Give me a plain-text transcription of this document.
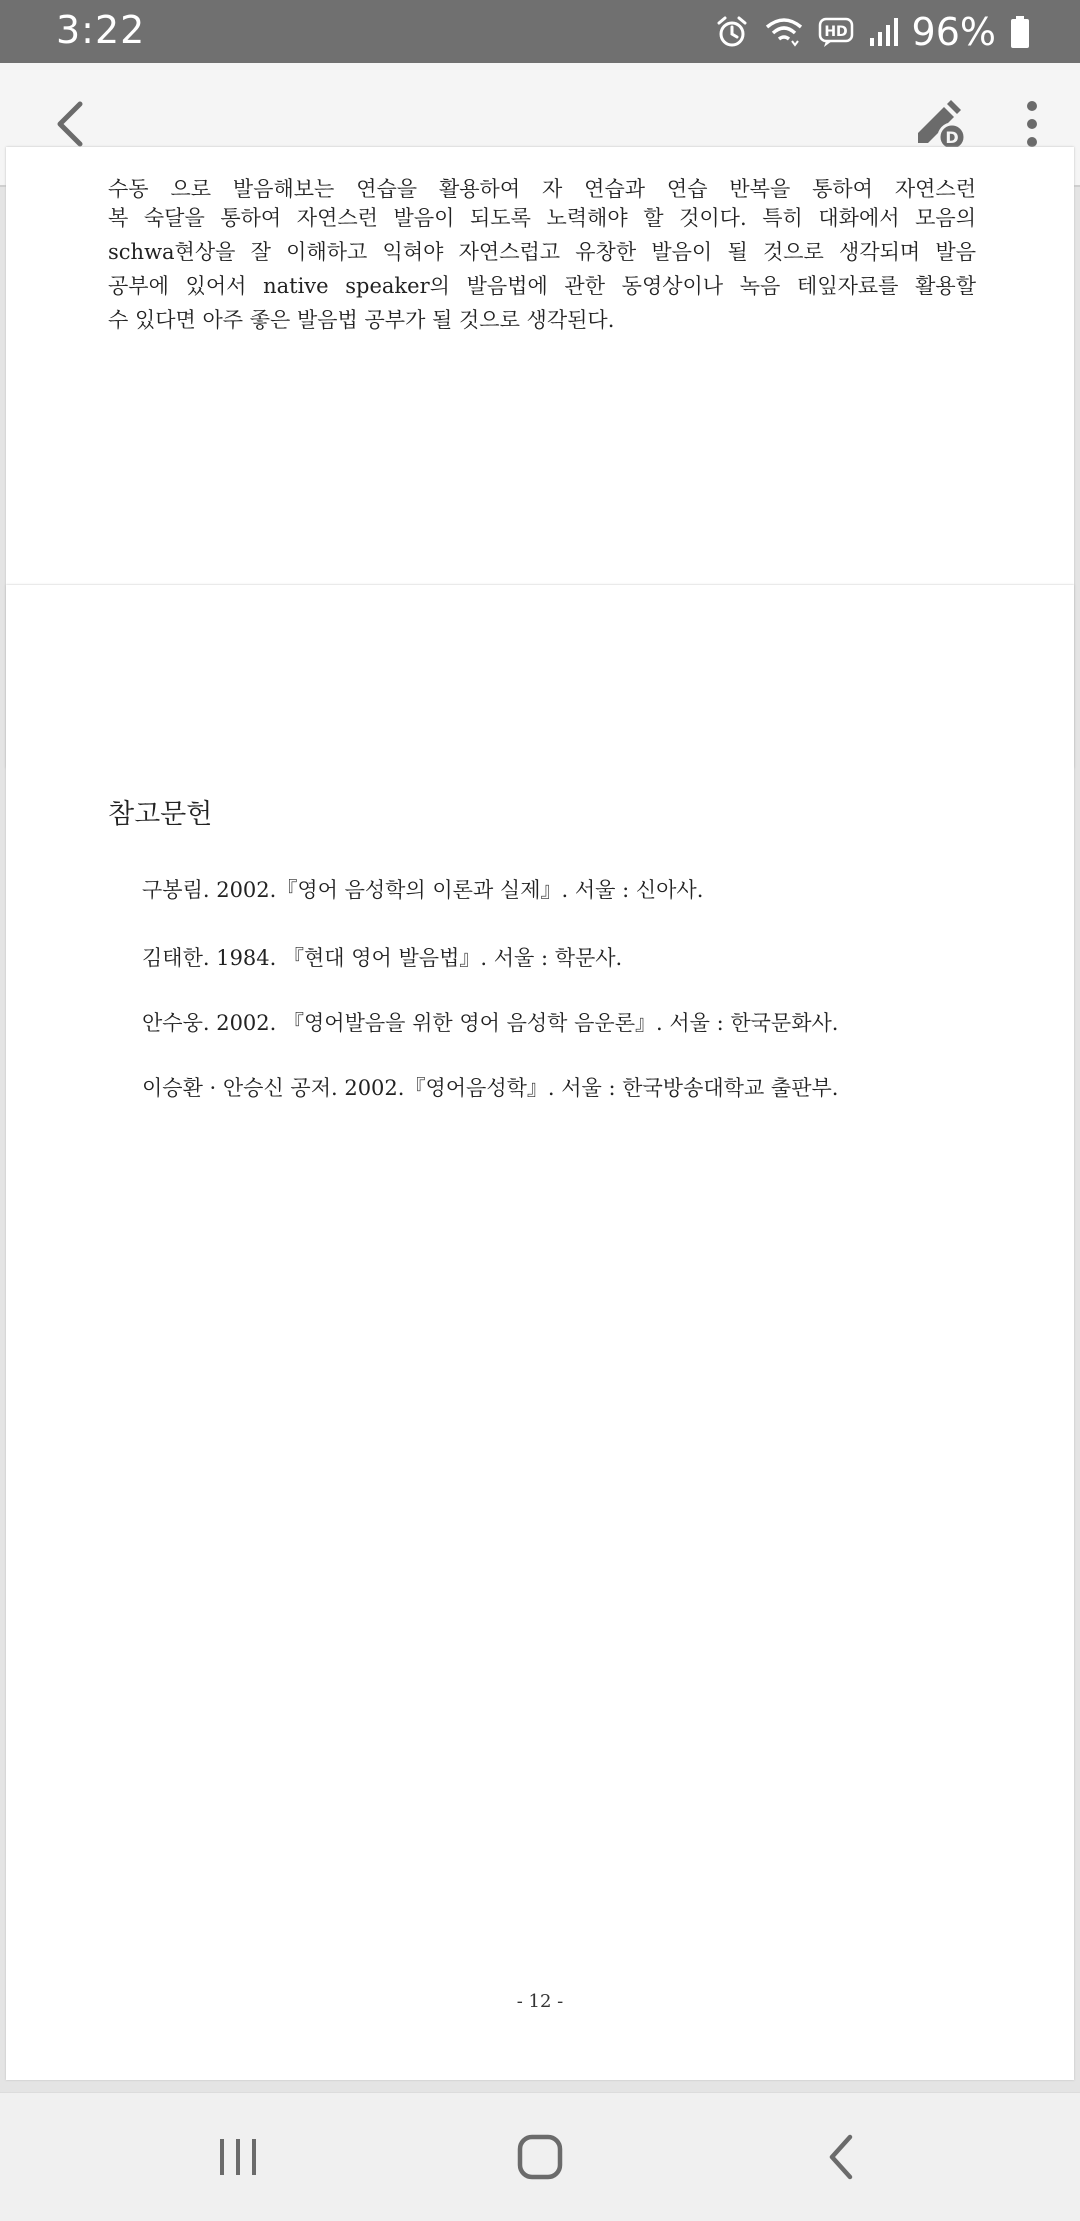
3:22	HD 96%
D
수동 으로 발음해보는 연습을 활용하여 자 연습과 연습 반복을 통하여 자연스런
복 숙달을 통하여 자연스런 발음이 되도록 노력해야 할 것이다. 특히 대화에서 모음의
schwa현상을 잘 이해하고 익혀야 자연스럽고 유창한 발음이 될 것으로 생각되며 발음
공부에 있어서 native speaker의 발음법에 관한 동영상이나 녹음 테잎자료를 활용할
수 있다면 아주 좋은 발음법 공부가 될 것으로 생각된다.
참고문헌
구봉림. 2002.『영어 음성학의 이론과 실제』. 서울 : 신아사.
김태한. 1984. 『현대 영어 발음법』. 서울 : 학문사.
안수웅. 2002. 『영어발음을 위한 영어 음성학 음운론』. 서울 : 한국문화사.
이승환 · 안승신 공저. 2002.『영어음성학』. 서울 : 한국방송대학교 출판부.
- 12 -
